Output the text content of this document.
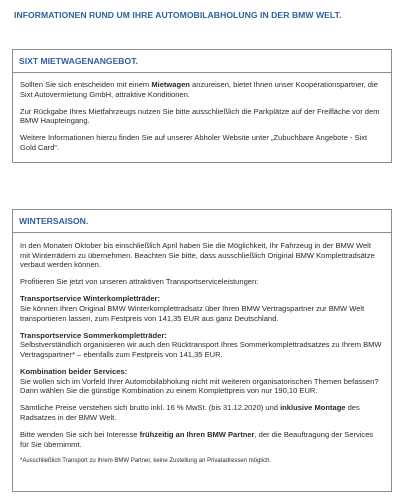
INFORMATIONEN RUND UM IHRE AUTOMOBILABHOLUNG IN DER BMW WELT.
SIXT MIETWAGENANGEBOT.

Sollten Sie sich entscheiden mit einem Mietwagen anzureisen, bietet Ihnen unser Kooperationspartner, die Sixt Autovermietung GmbH, attraktive Konditionen.

Zur Rückgabe Ihres Mietfahrzeugs nutzen Sie bitte ausschließlich die Parkplätze auf der Freifläche vor dem BMW Haupteingang.

Weitere Informationen hierzu finden Sie auf unserer Abholer Website unter „Zubuchbare Angebote - Sixt Gold Card“.

WINTERSAISON.

In den Monaten Oktober bis einschließlich April haben Sie die Möglichkeit, Ihr Fahrzeug in der BMW Welt mit Winterrädern zu übernehmen. Beachten Sie bitte, dass ausschließlich Original BMW Komplettradsätze verbaut werden können.

Profitieren Sie jetzt von unseren attraktiven Transportserviceleistungen:

Transportservice Winterkompletträder:
Sie können Ihren Original BMW Winterkomplettradsatz über Ihren BMW Vertragspartner zur BMW Welt transportieren lassen, zum Festpreis von 141,35 EUR aus ganz Deutschland.

Transportservice Sommerkompletträder:
Selbstverständlich organisieren wir auch den Rücktransport Ihres Sommerkomplettradsatzes zu Ihrem BMW Vertragspartner* – ebenfalls zum Festpreis von 141,35 EUR.

Kombination beider Services:
Sie wollen sich im Vorfeld Ihrer Automobilabholung nicht mit weiteren organisatorischen Themen befassen? Dann wählen Sie die günstige Kombination zu einem Komplettpreis von nur 190,10 EUR.

Sämtliche Preise verstehen sich brutto inkl. 16 % MwSt. (bis 31.12.2020) und inklusive Montage des Radsatzes in der BMW Welt.

Bitte wenden Sie sich bei Interesse frühzeitig an Ihren BMW Partner, der die Beauftragung der Services für Sie übernimmt.

*Ausschließlich Transport zu Ihrem BMW Partner, keine Zustellung an Privatadressen möglich.
